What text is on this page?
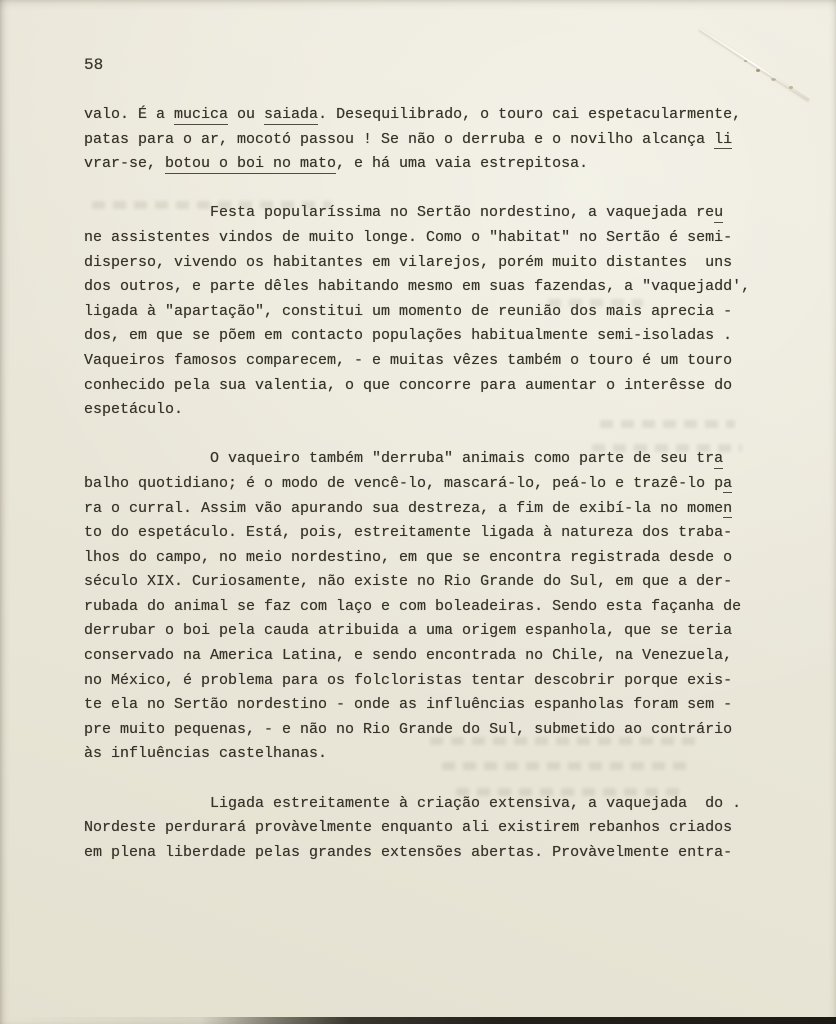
58
valo. É a mucica ou saiada. Desequilibrado, o touro cai espetacularmente,
patas para o ar, mocotó passou ! Se não o derruba e o novilho alcança li
vrar-se, botou o boi no mato, e há uma vaia estrepitosa.
Festa popularíssima no Sertão nordestino, a vaquejada reu
ne assistentes vindos de muito longe. Como o "habitat" no Sertão é semi-
disperso, vivendo os habitantes em vilarejos, porém muito distantes  uns
dos outros, e parte dêles habitando mesmo em suas fazendas, a "vaquejadd',
ligada à "apartação", constitui um momento de reunião dos mais aprecia -
dos, em que se põem em contacto populações habitualmente semi-isoladas .
Vaqueiros famosos comparecem, - e muitas vêzes também o touro é um touro
conhecido pela sua valentia, o que concorre para aumentar o interêsse do
espetáculo.
O vaqueiro também "derruba" animais como parte de seu tra
balho quotidiano; é o modo de vencê-lo, mascará-lo, peá-lo e trazê-lo pa
ra o curral. Assim vão apurando sua destreza, a fim de exibí-la no momen
to do espetáculo. Está, pois, estreitamente ligada à natureza dos traba-
lhos do campo, no meio nordestino, em que se encontra registrada desde o
século XIX. Curiosamente, não existe no Rio Grande do Sul, em que a der-
rubada do animal se faz com laço e com boleadeiras. Sendo esta façanha de
derrubar o boi pela cauda atribuida a uma origem espanhola, que se teria
conservado na America Latina, e sendo encontrada no Chile, na Venezuela,
no México, é problema para os folcloristas tentar descobrir porque exis-
te ela no Sertão nordestino - onde as influências espanholas foram sem -
pre muito pequenas, - e não no Rio Grande do Sul, submetido ao contrário
às influências castelhanas.
Ligada estreitamente à criação extensiva, a vaquejada  do .
Nordeste perdurará provàvelmente enquanto ali existirem rebanhos criados
em plena liberdade pelas grandes extensões abertas. Provàvelmente entra-
